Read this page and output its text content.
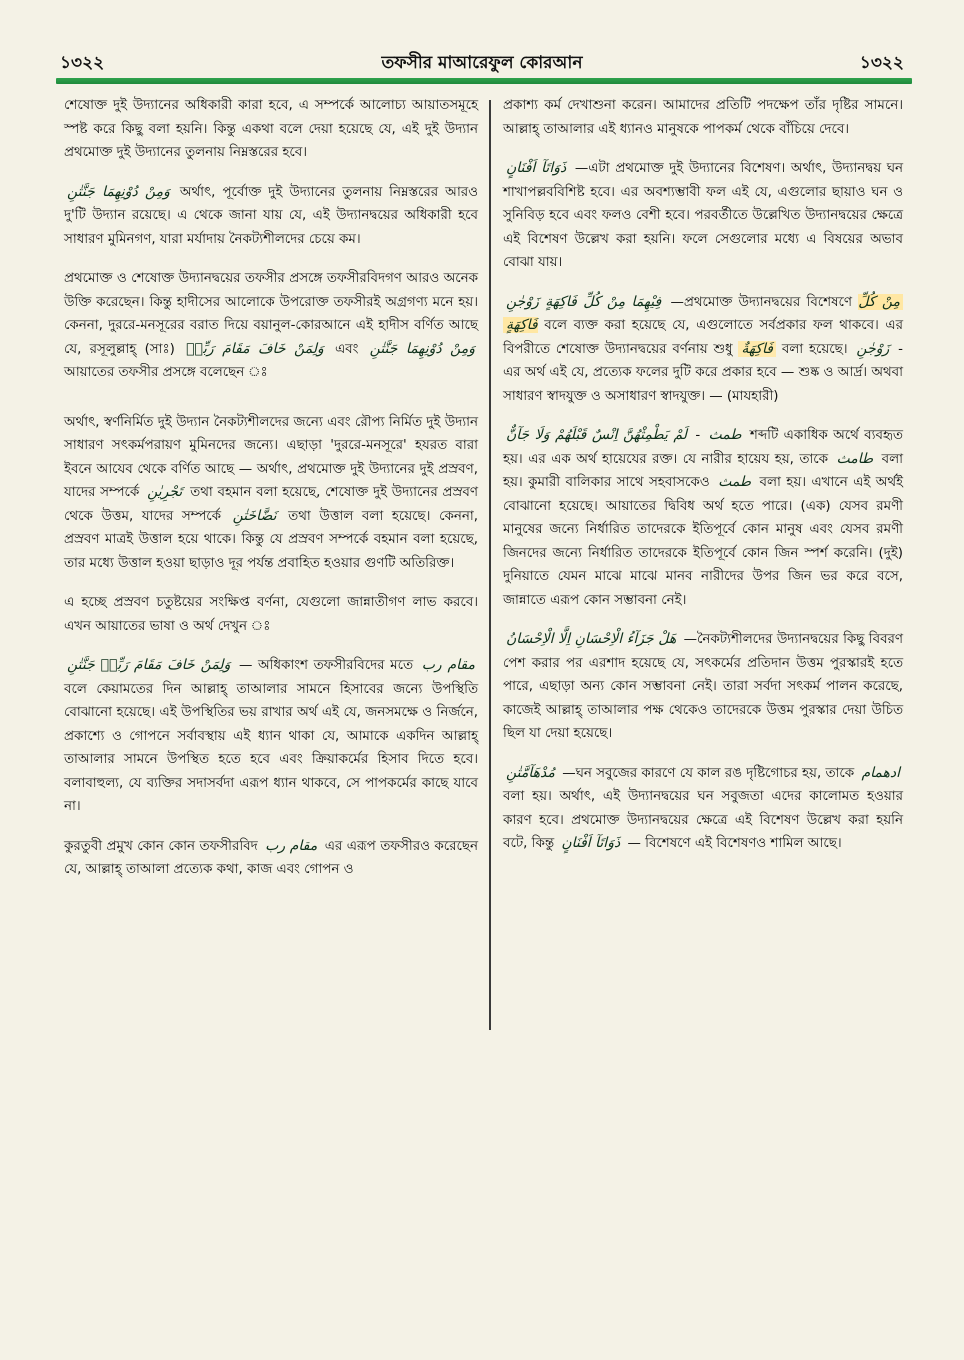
১৩২২	তফসীর মাআরেফুল কোরআন	১৩২২

শেষোক্ত দুই উদ্যানের অধিকারী কারা হবে, এ সম্পর্কে আলোচ্য আয়াতসমূহে স্পষ্ট করে কিছু বলা হয়নি। কিন্তু একথা বলে দেয়া হয়েছে যে, এই দুই উদ্যান প্রথমোক্ত দুই উদ্যানের তুলনায় নিম্নস্তরের হবে।

وَمِنْ دُوْنِهِمَا جَنَّتٰنِ অর্থাৎ, পূর্বোক্ত দুই উদ্যানের তুলনায় নিম্নস্তরের আরও দু'টি উদ্যান রয়েছে। এ থেকে জানা যায় যে, এই উদ্যানদ্বয়ের অধিকারী হবে সাধারণ মুমিনগণ, যারা মর্যাদায় নৈকট্যশীলদের চেয়ে কম।

প্রথমোক্ত ও শেষোক্ত উদ্যানদ্বয়ের তফসীর প্রসঙ্গে তফসীরবিদগণ আরও অনেক উক্তি করেছেন। কিন্তু হাদীসের আলোকে উপরোক্ত তফসীরই অগ্রগণ্য মনে হয়। কেননা, দুররে-মনসূরের বরাত দিয়ে বয়ানুল-কোরআনে এই হাদীস বর্ণিত আছে যে, রসূলুল্লাহ্ (সাঃ) وَلِمَنْ خَافَ مَقَامَ رَبِّهٖ এবং وَمِنْ دُوْنِهِمَا جَنَّتٰنِ আয়াতের তফসীর প্রসঙ্গে বলেছেন ঃ

অর্থাৎ, স্বর্ণনির্মিত দুই উদ্যান নৈকট্যশীলদের জন্যে এবং রৌপ্য নির্মিত দুই উদ্যান সাধারণ সৎকর্মপরায়ণ মুমিনদের জন্যে। এছাড়া 'দুররে-মনসূরে' হযরত বারা ইবনে আযেব থেকে বর্ণিত আছে — অর্থাৎ, প্রথমোক্ত দুই উদ্যানের দুই প্রস্রবণ, যাদের সম্পর্কে تَجْرِيٰنِ তথা বহমান বলা হয়েছে, শেষোক্ত দুই উদ্যানের প্রস্রবণ থেকে উত্তম, যাদের সম্পর্কে نَضَّاخَتٰنِ তথা উত্তাল বলা হয়েছে। কেননা, প্রস্রবণ মাত্রই উত্তাল হয়ে থাকে। কিন্তু যে প্রস্রবণ সম্পর্কে বহমান বলা হয়েছে, তার মধ্যে উত্তাল হওয়া ছাড়াও দূর পর্যন্ত প্রবাহিত হওয়ার গুণটি অতিরিক্ত।

এ হচ্ছে প্রস্রবণ চতুষ্টয়ের সংক্ষিপ্ত বর্ণনা, যেগুলো জান্নাতীগণ লাভ করবে। এখন আয়াতের ভাষা ও অর্থ দেখুন ঃ

وَلِمَنْ خَافَ مَقَامَ رَبِّهٖ جَنَّتٰنِ — অধিকাংশ তফসীরবিদের মতে مقام رب বলে কেয়ামতের দিন আল্লাহ্ তাআলার সামনে হিসাবের জন্যে উপস্থিতি বোঝানো হয়েছে। এই উপস্থিতির ভয় রাখার অর্থ এই যে, জনসমক্ষে ও নির্জনে, প্রকাশ্যে ও গোপনে সর্বাবস্থায় এই ধ্যান থাকা যে, আমাকে একদিন আল্লাহ্ তাআলার সামনে উপস্থিত হতে হবে এবং ক্রিয়াকর্মের হিসাব দিতে হবে। বলাবাহুল্য, যে ব্যক্তির সদাসর্বদা এরূপ ধ্যান থাকবে, সে পাপকর্মের কাছে যাবে না।

কুরতুবী প্রমুখ কোন কোন তফসীরবিদ مقام رب এর এরূপ তফসীরও করেছেন যে, আল্লাহ্ তাআলা প্রত্যেক কথা, কাজ এবং গোপন ও

প্রকাশ্য কর্ম দেখাশুনা করেন। আমাদের প্রতিটি পদক্ষেপ তাঁর দৃষ্টির সামনে। আল্লাহ্ তাআলার এই ধ্যানও মানুষকে পাপকর্ম থেকে বাঁচিয়ে দেবে।

ذَوَاتَآ اَفْنَانٍ —এটা প্রথমোক্ত দুই উদ্যানের বিশেষণ। অর্থাৎ, উদ্যানদ্বয় ঘন শাখাপল্লববিশিষ্ট হবে। এর অবশ্যম্ভাবী ফল এই যে, এগুলোর ছায়াও ঘন ও সুনিবিড় হবে এবং ফলও বেশী হবে। পরবর্তীতে উল্লেখিত উদ্যানদ্বয়ের ক্ষেত্রে এই বিশেষণ উল্লেখ করা হয়নি। ফলে সেগুলোর মধ্যে এ বিষয়ের অভাব বোঝা যায়।

فِيْهِمَا مِنْ كُلِّ فَاكِهَةٍ زَوْجٰنِ —প্রথমোক্ত উদ্যানদ্বয়ের বিশেষণে مِنْ كُلِّ فَاكِهَةٍ বলে ব্যক্ত করা হয়েছে যে, এগুলোতে সর্বপ্রকার ফল থাকবে। এর বিপরীতে শেষোক্ত উদ্যানদ্বয়ের বর্ণনায় শুধু فَاكِهَةٌ বলা হয়েছে। زَوْجٰنِ - এর অর্থ এই যে, প্রত্যেক ফলের দুটি করে প্রকার হবে — শুষ্ক ও আর্দ্র। অথবা সাধারণ স্বাদযুক্ত ও অসাধারণ স্বাদযুক্ত। — (মাযহারী)

لَمْ يَطْمِثْهُنَّ اِنْسٌ قَبْلَهُمْ وَلَا جَآنٌّ - طمث শব্দটি একাধিক অর্থে ব্যবহৃত হয়। এর এক অর্থ হায়েযের রক্ত। যে নারীর হায়েয হয়, তাকে طامث বলা হয়। কুমারী বালিকার সাথে সহবাসকেও طمث বলা হয়। এখানে এই অর্থই বোঝানো হয়েছে। আয়াতের দ্বিবিধ অর্থ হতে পারে। (এক) যেসব রমণী মানুষের জন্যে নির্ধারিত তাদেরকে ইতিপূর্বে কোন মানুষ এবং যেসব রমণী জিনদের জন্যে নির্ধারিত তাদেরকে ইতিপূর্বে কোন জিন স্পর্শ করেনি। (দুই) দুনিয়াতে যেমন মাঝে মাঝে মানব নারীদের উপর জিন ভর করে বসে, জান্নাতে এরূপ কোন সম্ভাবনা নেই।

هَلْ جَزَآءُ الْاِحْسَانِ اِلَّا الْاِحْسَانُ —নৈকট্যশীলদের উদ্যানদ্বয়ের কিছু বিবরণ পেশ করার পর এরশাদ হয়েছে যে, সৎকর্মের প্রতিদান উত্তম পুরস্কারই হতে পারে, এছাড়া অন্য কোন সম্ভাবনা নেই। তারা সর্বদা সৎকর্ম পালন করেছে, কাজেই আল্লাহ্ তাআলার পক্ষ থেকেও তাদেরকে উত্তম পুরস্কার দেয়া উচিত ছিল যা দেয়া হয়েছে।

مُدْهَآمَّتٰنِ —ঘন সবুজের কারণে যে কাল রঙ দৃষ্টিগোচর হয়, তাকে ادهمام বলা হয়। অর্থাৎ, এই উদ্যানদ্বয়ের ঘন সবুজতা এদের কালোমত হওয়ার কারণ হবে। প্রথমোক্ত উদ্যানদ্বয়ের ক্ষেত্রে এই বিশেষণ উল্লেখ করা হয়নি বটে, কিন্তু ذَوَاتَآ اَفْنَانٍ — বিশেষণে এই বিশেষণও শামিল আছে।
